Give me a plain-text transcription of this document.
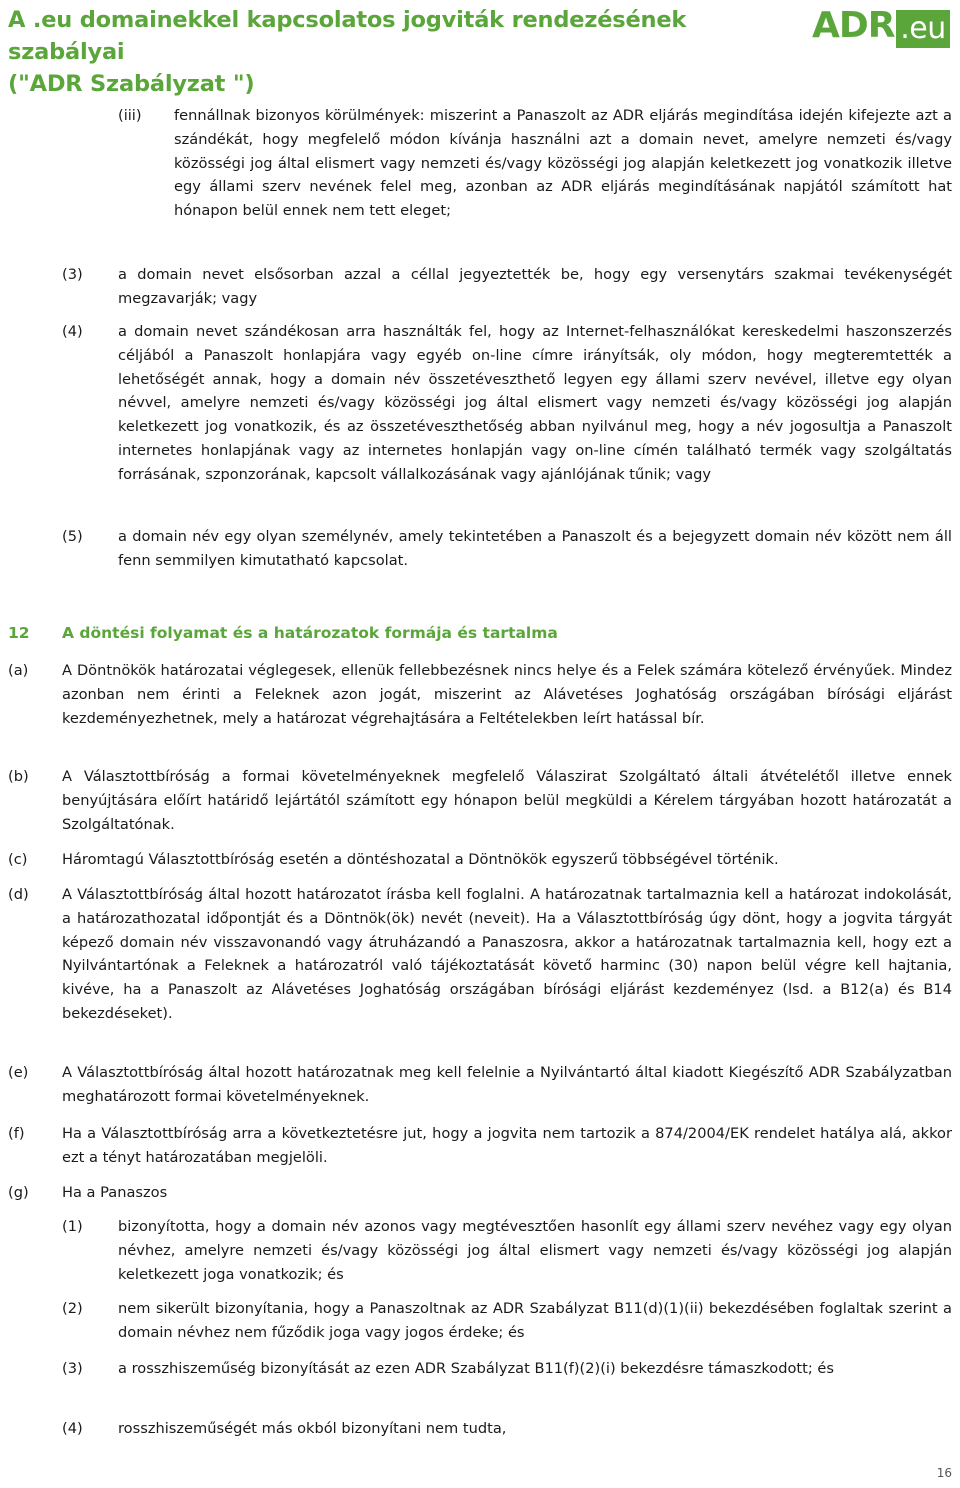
A .eu domainekkel kapcsolatos jogviták rendezésének szabályai
("ADR Szabályzat ")
ADR .eu
(iii) fennállnak bizonyos körülmények: miszerint a Panaszolt az ADR eljárás megindítása idején kifejezte azt a szándékát, hogy megfelelő módon kívánja használni azt a domain nevet, amelyre nemzeti és/vagy közösségi jog által elismert vagy nemzeti és/vagy közösségi jog alapján keletkezett jog vonatkozik illetve egy állami szerv nevének felel meg, azonban az ADR eljárás megindításának napjától számított hat hónapon belül ennek nem tett eleget;
(3) a domain nevet elsősorban azzal a céllal jegyeztették be, hogy egy versenytárs szakmai tevékenységét megzavarják; vagy
(4) a domain nevet szándékosan arra használták fel, hogy az Internet-felhasználókat kereskedelmi haszonszerzés céljából a Panaszolt honlapjára vagy egyéb on-line címre irányítsák, oly módon, hogy megteremtették a lehetőségét annak, hogy a domain név összetéveszthető legyen egy állami szerv nevével, illetve egy olyan névvel, amelyre nemzeti és/vagy közösségi jog által elismert vagy nemzeti és/vagy közösségi jog alapján keletkezett jog vonatkozik, és az összetéveszthetőség abban nyilvánul meg, hogy a név jogosultja a Panaszolt internetes honlapjának vagy az internetes honlapján vagy on-line címén található termék vagy szolgáltatás forrásának, szponzorának, kapcsolt vállalkozásának vagy ajánlójának tűnik; vagy
(5) a domain név egy olyan személynév, amely tekintetében a Panaszolt és a bejegyzett domain név között nem áll fenn semmilyen kimutatható kapcsolat.
12 A döntési folyamat és a határozatok formája és tartalma
(a) A Döntnökök határozatai véglegesek, ellenük fellebbezésnek nincs helye és a Felek számára kötelező érvényűek. Mindez azonban nem érinti a Feleknek azon jogát, miszerint az Alávetéses Joghatóság országában bírósági eljárást kezdeményezhetnek, mely a határozat végrehajtására a Feltételekben leírt hatással bír.
(b) A Választottbíróság a formai követelményeknek megfelelő Válaszirat Szolgáltató általi átvételétől illetve ennek benyújtására előírt határidő lejártától számított egy hónapon belül megküldi a Kérelem tárgyában hozott határozatát a Szolgáltatónak.
(c) Háromtagú Választottbíróság esetén a döntéshozatal a Döntnökök egyszerű többségével történik.
(d) A Választottbíróság által hozott határozatot írásba kell foglalni. A határozatnak tartalmaznia kell a határozat indokolását, a határozathozatal időpontját és a Döntnök(ök) nevét (neveit). Ha a Választottbíróság úgy dönt, hogy a jogvita tárgyát képező domain név visszavonandó vagy átruházandó a Panaszosra, akkor a határozatnak tartalmaznia kell, hogy ezt a Nyilvántartónak a Feleknek a határozatról való tájékoztatását követő harminc (30) napon belül végre kell hajtania, kivéve, ha a Panaszolt az Alávetéses Joghatóság országában bírósági eljárást kezdeményez (lsd. a B12(a) és B14 bekezdéseket).
(e) A Választottbíróság által hozott határozatnak meg kell felelnie a Nyilvántartó által kiadott Kiegészítő ADR Szabályzatban meghatározott formai követelményeknek.
(f)	Ha a Választottbíróság arra a következtetésre jut, hogy a jogvita nem tartozik a 874/2004/EK rendelet hatálya alá, akkor ezt a tényt határozatában megjelöli.
(g) Ha a Panaszos
(1) bizonyította, hogy a domain név azonos vagy megtévesztően hasonlít egy állami szerv nevéhez vagy egy olyan névhez, amelyre nemzeti és/vagy közösségi jog által elismert vagy nemzeti és/vagy közösségi jog alapján keletkezett joga vonatkozik; és
(2) nem sikerült bizonyítania, hogy a Panaszoltnak az ADR Szabályzat B11(d)(1)(ii) bekezdésében foglaltak szerint a domain névhez nem fűződik joga vagy jogos érdeke; és
(3) a rosszhiszeműség bizonyítását az ezen ADR Szabályzat B11(f)(2)(i) bekezdésre támaszkodott; és
(4) rosszhiszeműségét más okból bizonyítani nem tudta,
16
